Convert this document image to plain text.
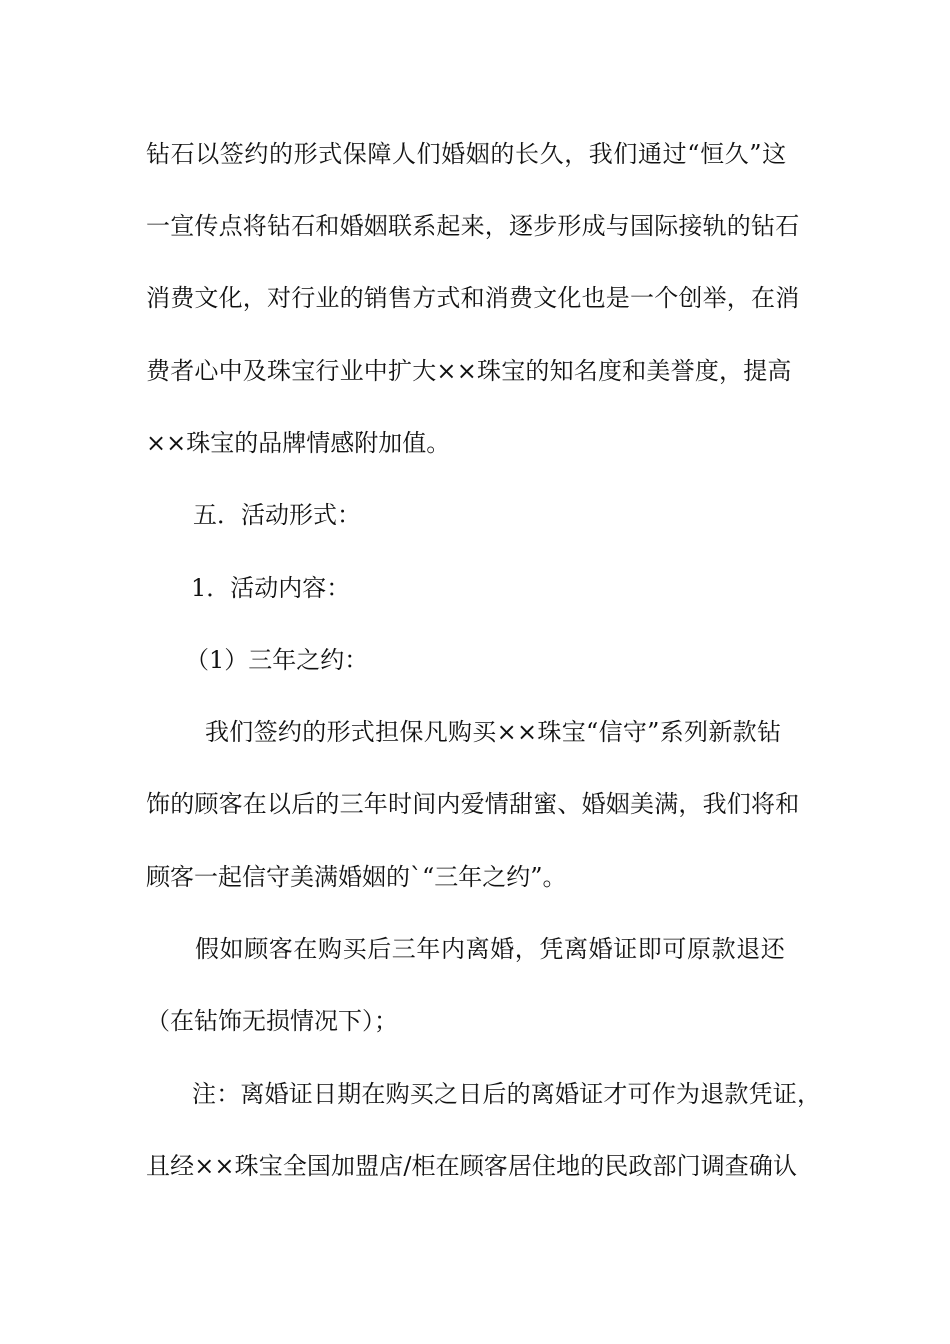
钻石以签约的形式保障人们婚姻的长久，我们通过“恒久”这
一宣传点将钻石和婚姻联系起来，逐步形成与国际接轨的钻石
消费文化，对行业的销售方式和消费文化也是一个创举，在消
费者心中及珠宝行业中扩大××珠宝的知名度和美誉度，提高
××珠宝的品牌情感附加值。
五．活动形式：
1．活动内容：
（1）三年之约：
我们签约的形式担保凡购买××珠宝“信守”系列新款钻
饰的顾客在以后的三年时间内爱情甜蜜、婚姻美满，我们将和
顾客一起信守美满婚姻的`“三年之约”。
假如顾客在购买后三年内离婚，凭离婚证即可原款退还
（在钻饰无损情况下）；
注：离婚证日期在购买之日后的离婚证才可作为退款凭证，
且经××珠宝全国加盟店/柜在顾客居住地的民政部门调查确认
